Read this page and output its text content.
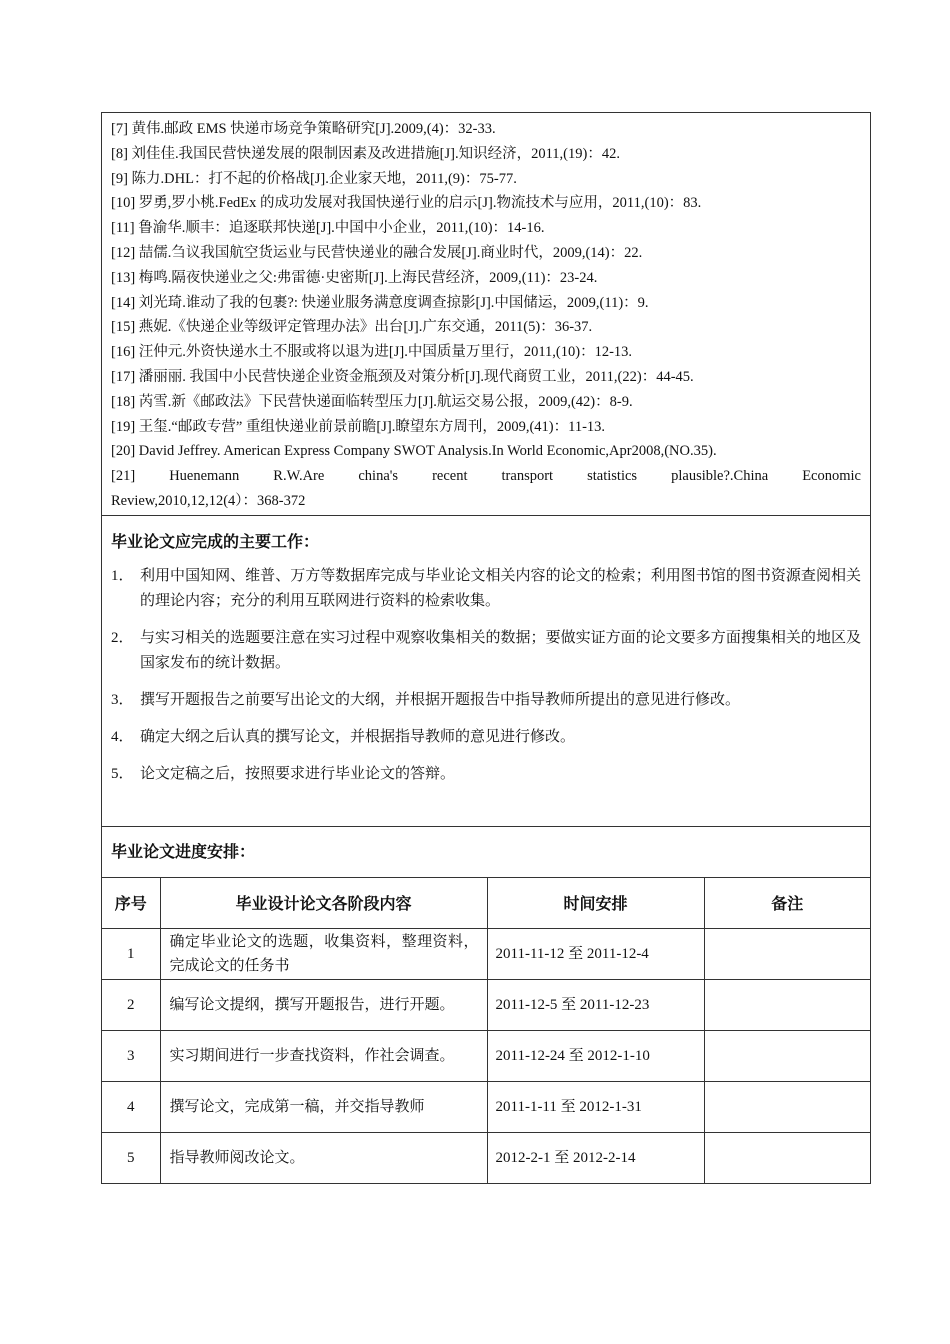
[7] 黄伟.邮政 EMS 快递市场竞争策略研究[J].2009,(4)：32-33.
[8] 刘佳佳.我国民营快递发展的限制因素及改进措施[J].知识经济，2011,(19)：42.
[9] 陈力.DHL：打不起的价格战[J].企业家天地，2011,(9)：75-77.
[10] 罗勇,罗小桃.FedEx 的成功发展对我国快递行业的启示[J].物流技术与应用，2011,(10)：83.
[11] 鲁渝华.顺丰：追逐联邦快递[J].中国中小企业，2011,(10)：14-16.
[12] 喆儒.刍议我国航空货运业与民营快递业的融合发展[J].商业时代，2009,(14)：22.
[13] 梅鸣.隔夜快递业之父:弗雷德·史密斯[J].上海民营经济，2009,(11)：23-24.
[14] 刘光琦.谁动了我的包裹?: 快递业服务满意度调查掠影[J].中国储运，2009,(11)：9.
[15] 燕妮.《快递企业等级评定管理办法》出台[J].广东交通，2011(5)：36-37.
[16] 汪仲元.外资快递水土不服或将以退为进[J].中国质量万里行，2011,(10)：12-13.
[17] 潘丽丽. 我国中小民营快递企业资金瓶颈及对策分析[J].现代商贸工业，2011,(22)：44-45.
[18] 芮雪.新《邮政法》下民营快递面临转型压力[J].航运交易公报，2009,(42)：8-9.
[19] 王玺.“邮政专营” 重组快递业前景前瞻[J].瞭望东方周刊，2009,(41)：11-13.
[20] David Jeffrey. American Express Company SWOT Analysis.In World Economic,Apr2008,(NO.35).
[21] Huenemann R.W.Are china's recent transport statistics plausible?.China Economic
Review,2010,12,12(4）：368-372
毕业论文应完成的主要工作：
1． 利用中国知网、维普、万方等数据库完成与毕业论文相关内容的论文的检索；利用图书馆的图书资源查阅相关的理论内容；充分的利用互联网进行资料的检索收集。
2． 与实习相关的选题要注意在实习过程中观察收集相关的数据；要做实证方面的论文要多方面搜集相关的地区及国家发布的统计数据。
3． 撰写开题报告之前要写出论文的大纲，并根据开题报告中指导教师所提出的意见进行修改。
4． 确定大纲之后认真的撰写论文，并根据指导教师的意见进行修改。
5． 论文定稿之后，按照要求进行毕业论文的答辩。
毕业论文进度安排：
序号	毕业设计论文各阶段内容	时间安排	备注
1	确定毕业论文的选题，收集资料，整理资料，完成论文的任务书	2011-11-12 至 2011-12-4	
2	编写论文提纲，撰写开题报告，进行开题。	2011-12-5 至 2011-12-23	
3	实习期间进行一步查找资料，作社会调查。	2011-12-24 至 2012-1-10	
4	撰写论文，完成第一稿，并交指导教师	2011-1-11 至 2012-1-31	
5	指导教师阅改论文。	2012-2-1 至 2012-2-14	
